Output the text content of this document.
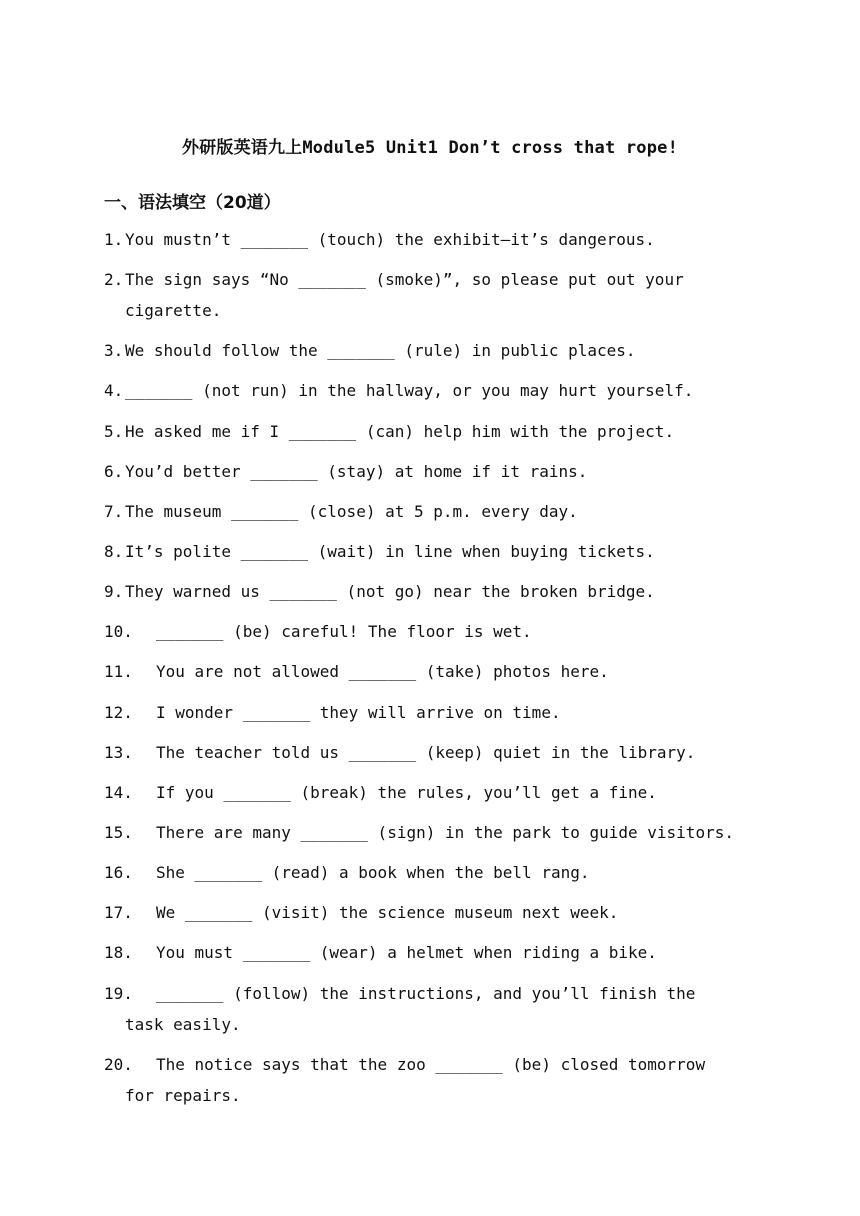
外研版英语九上Module5 Unit1 Don’t cross that rope!
一、语法填空（20道）
1. You mustn’t _______ (touch) the exhibit—it’s dangerous.
2. The sign says “No _______ (smoke)”, so please put out your
cigarette.
3. We should follow the _______ (rule) in public places.
4. _______ (not run) in the hallway, or you may hurt yourself.
5. He asked me if I _______ (can) help him with the project.
6. You’d better _______ (stay) at home if it rains.
7. The museum _______ (close) at 5 p.m. every day.
8. It’s polite _______ (wait) in line when buying tickets.
9. They warned us _______ (not go) near the broken bridge.
10. _______ (be) careful! The floor is wet.
11. You are not allowed _______ (take) photos here.
12. I wonder _______ they will arrive on time.
13. The teacher told us _______ (keep) quiet in the library.
14. If you _______ (break) the rules, you’ll get a fine.
15. There are many _______ (sign) in the park to guide visitors.
16. She _______ (read) a book when the bell rang.
17. We _______ (visit) the science museum next week.
18. You must _______ (wear) a helmet when riding a bike.
19. _______ (follow) the instructions, and you’ll finish the
task easily.
20. The notice says that the zoo _______ (be) closed tomorrow
for repairs.
